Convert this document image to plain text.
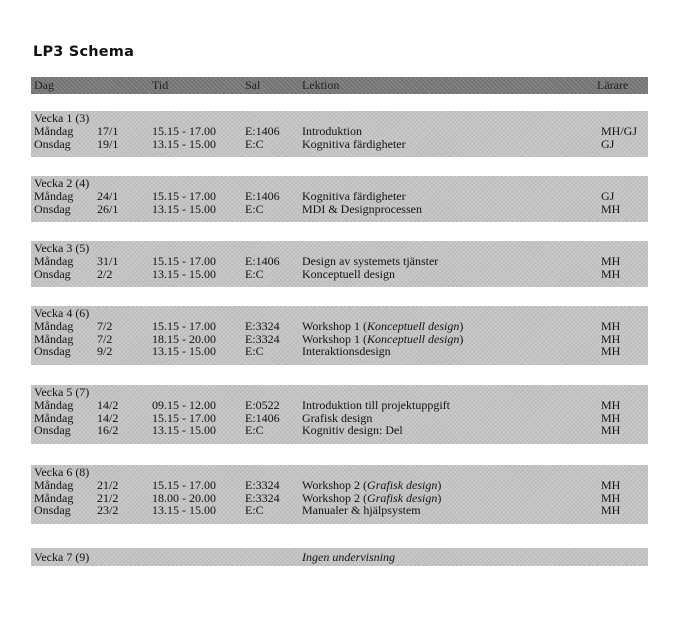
LP3 Schema
Dag	Tid	Sal	Lektion	Lärare
Vecka 1 (3)
Måndag 17/1	15.15 - 17.00 E:1406 Introduktion	MH/GJ
Onsdag 19/1	13.15 - 15.00 E:C	Kognitiva färdigheter	GJ
Vecka 2 (4)
Måndag 24/1	15.15 - 17.00 E:1406 Kognitiva färdigheter	GJ
Onsdag 26/1	13.15 - 15.00 E:C	MDI & Designprocessen	MH
Vecka 3 (5)
Måndag 31/1	15.15 - 17.00 E:1406 Design av systemets tjänster	MH
Onsdag 2/2	13.15 - 15.00 E:C	Konceptuell design	MH
Vecka 4 (6)
Måndag 7/2	15.15 - 17.00 E:3324 Workshop 1 (Konceptuell design)	MH
Måndag 7/2	18.15 - 20.00 E:3324 Workshop 1 (Konceptuell design)	MH
Onsdag 9/2	13.15 - 15.00 E:C	Interaktionsdesign	MH
Vecka 5 (7)
Måndag 14/2	09.15 - 12.00 E:0522 Introduktion till projektuppgift	MH
Måndag 14/2	15.15 - 17.00 E:1406 Grafisk design	MH
Onsdag 16/2	13.15 - 15.00 E:C	Kognitiv design: Del	MH
Vecka 6 (8)
Måndag 21/2	15.15 - 17.00 E:3324 Workshop 2 (Grafisk design)	MH
Måndag 21/2	18.00 - 20.00 E:3324 Workshop 2 (Grafisk design)	MH
Onsdag 23/2	13.15 - 15.00 E:C	Manualer & hjälpsystem	MH
Vecka 7 (9)	Ingen undervisning
